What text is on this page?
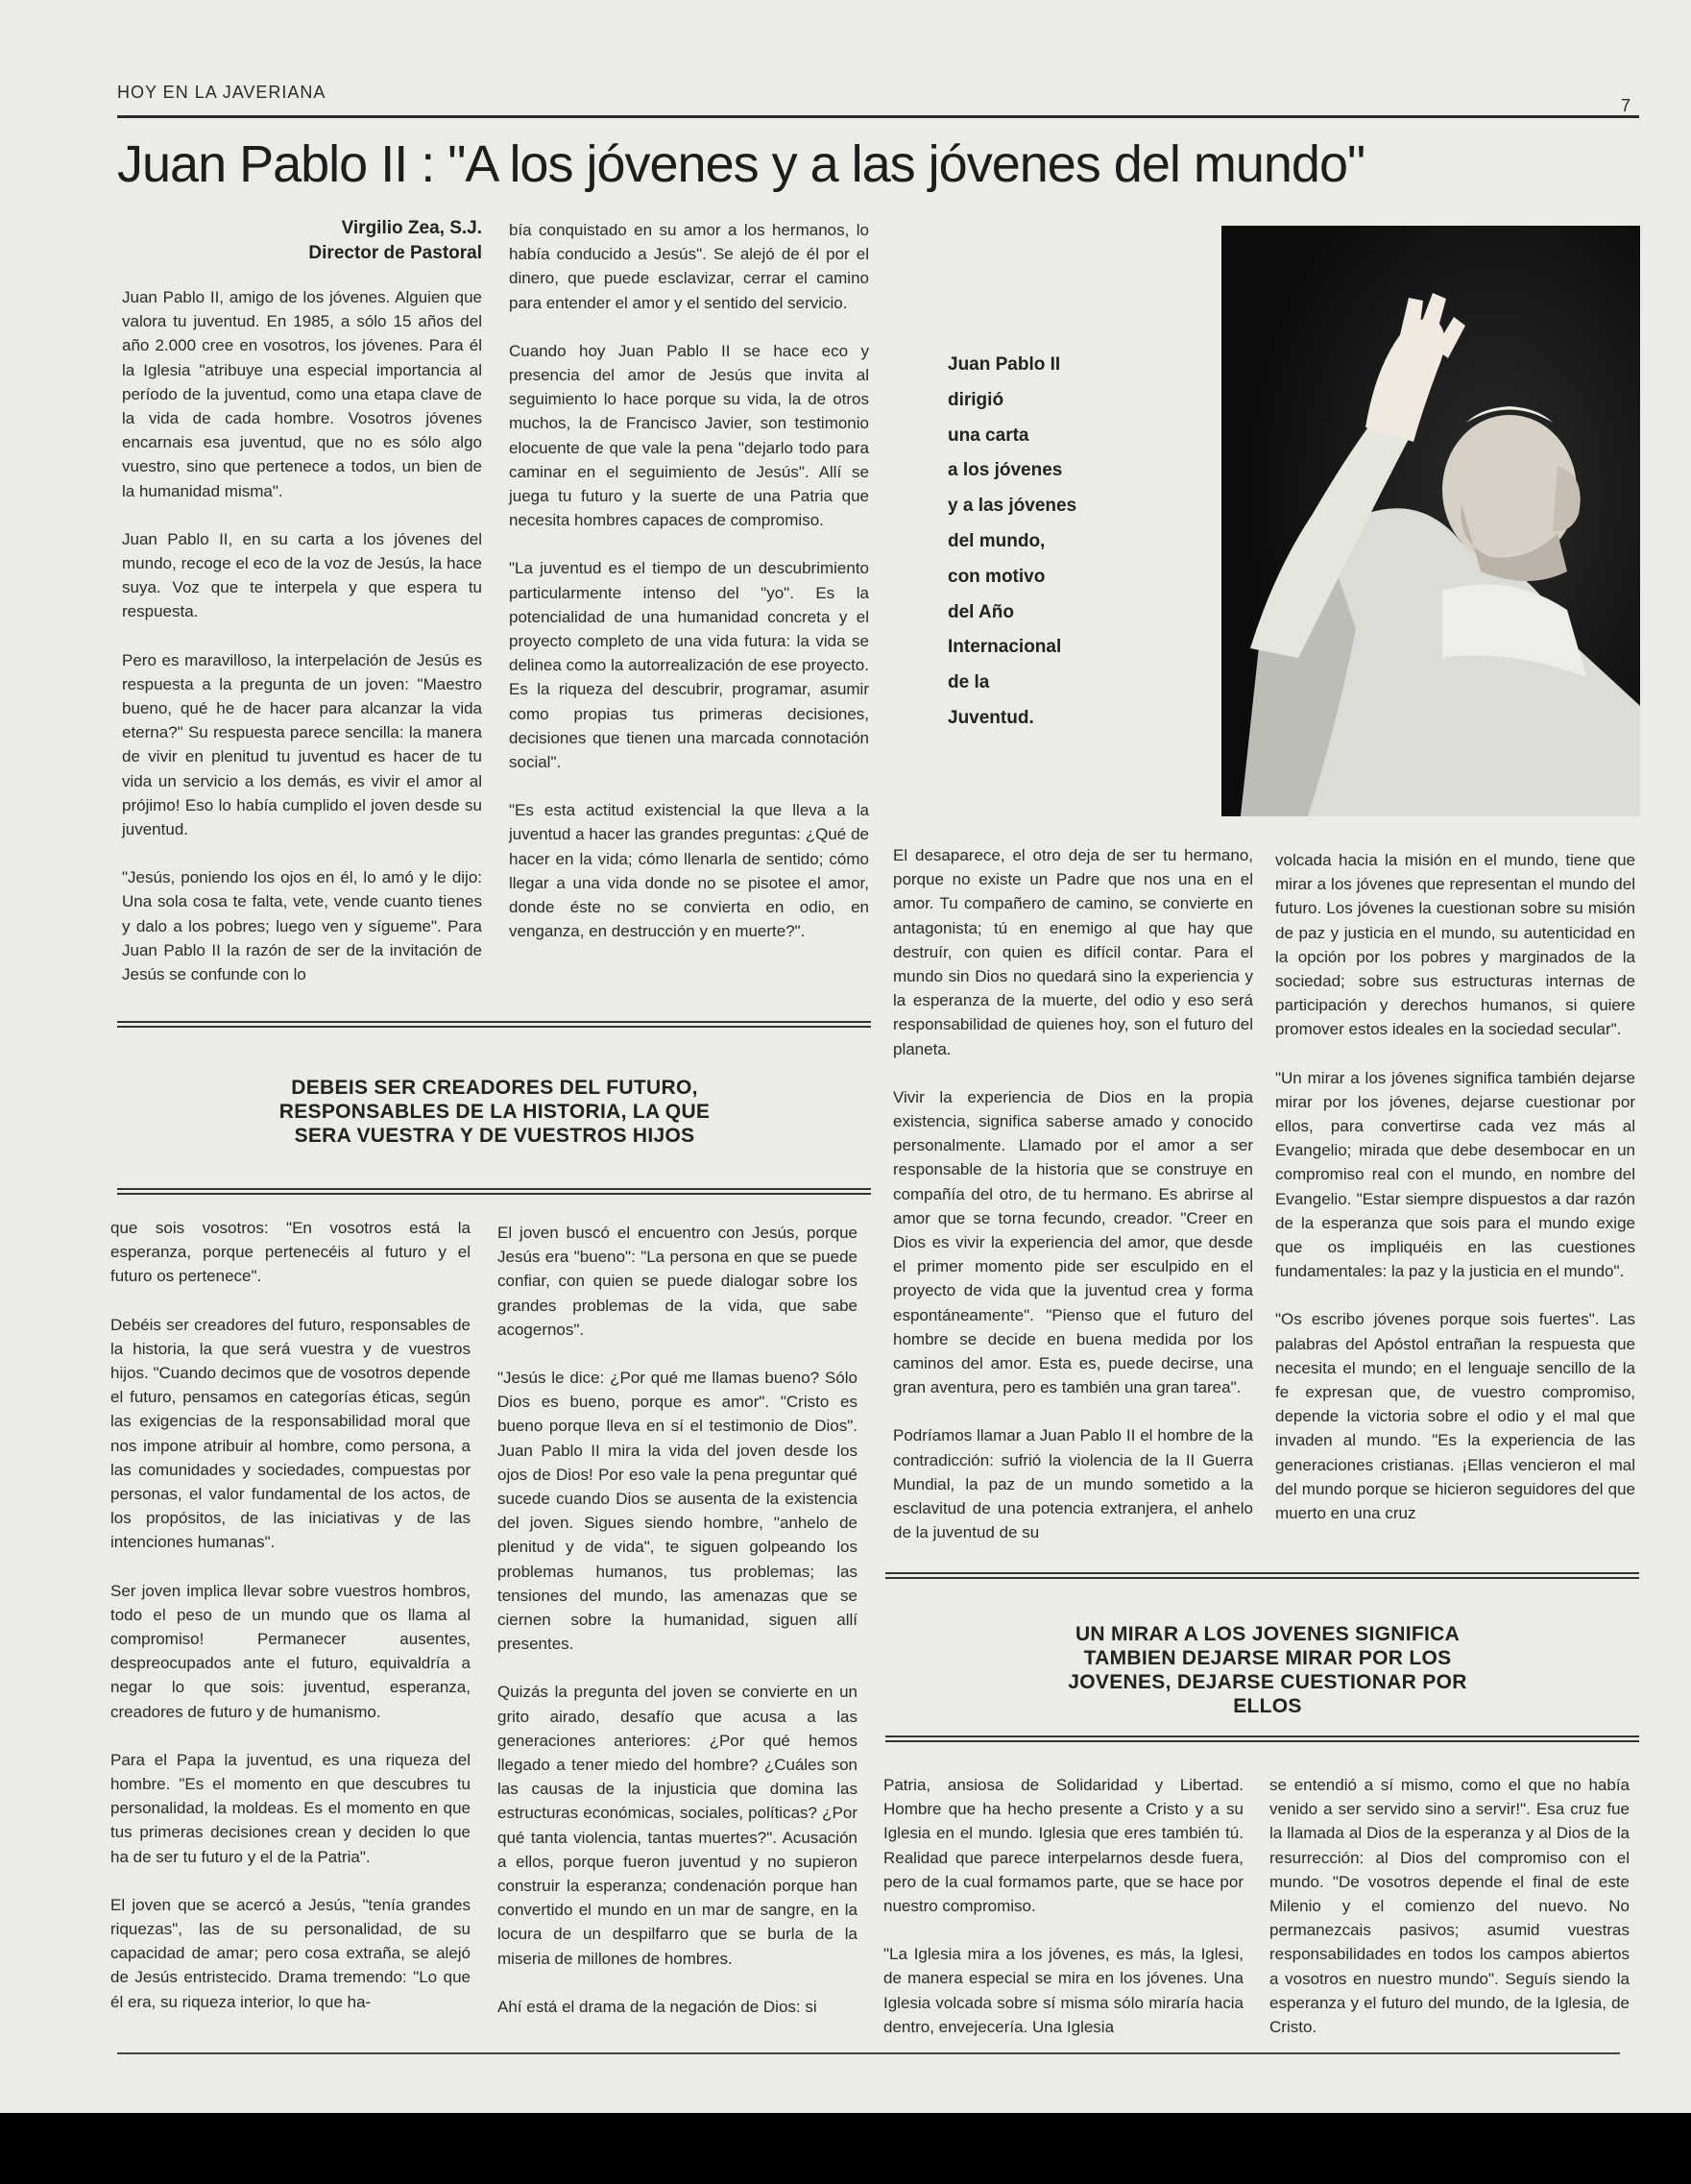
HOY EN LA JAVERIANA
7
Juan Pablo II : "A los jóvenes y a las jóvenes del mundo"
Virgilio Zea, S.J.
Director de Pastoral

Juan Pablo II, amigo de los jóvenes. Alguien que valora tu juventud. En 1985, a sólo 15 años del año 2.000 cree en vosotros, los jóvenes. Para él la Iglesia "atribuye una especial importancia al período de la juventud, como una etapa clave de la vida de cada hombre. Vosotros jóvenes encarnais esa juventud, que no es sólo algo vuestro, sino que pertenece a todos, un bien de la humanidad misma".

Juan Pablo II, en su carta a los jóvenes del mundo, recoge el eco de la voz de Jesús, la hace suya. Voz que te interpela y que espera tu respuesta.

Pero es maravilloso, la interpelación de Jesús es respuesta a la pregunta de un joven: "Maestro bueno, qué he de hacer para alcanzar la vida eterna?" Su respuesta parece sencilla: la manera de vivir en plenitud tu juventud es hacer de tu vida un servicio a los demás, es vivir el amor al prójimo! Eso lo había cumplido el joven desde su juventud.

"Jesús, poniendo los ojos en él, lo amó y le dijo: Una sola cosa te falta, vete, vende cuanto tienes y dalo a los pobres; luego ven y sígueme". Para Juan Pablo II la razón de ser de la invitación de Jesús se confunde con lo

bía conquistado en su amor a los hermanos, lo había conducido a Jesús". Se alejó de él por el dinero, que puede esclavizar, cerrar el camino para entender el amor y el sentido del servicio.

Cuando hoy Juan Pablo II se hace eco y presencia del amor de Jesús que invita al seguimiento lo hace porque su vida, la de otros muchos, la de Francisco Javier, son testimonio elocuente de que vale la pena "dejarlo todo para caminar en el seguimiento de Jesús". Allí se juega tu futuro y la suerte de una Patria que necesita hombres capaces de compromiso.

"La juventud es el tiempo de un descubrimiento particularmente intenso del "yo". Es la potencialidad de una humanidad concreta y el proyecto completo de una vida futura: la vida se delinea como la autorrealización de ese proyecto. Es la riqueza del descubrir, programar, asumir como propias tus primeras decisiones, decisiones que tienen una marcada connotación social".

"Es esta actitud existencial la que lleva a la juventud a hacer las grandes preguntas: ¿Qué de hacer en la vida; cómo llenarla de sentido; cómo llegar a una vida donde no se pisotee el amor, donde éste no se convierta en odio, en venganza, en destrucción y en muerte?".

Juan Pablo II
dirigió
una carta
a los jóvenes
y a las jóvenes
del mundo,
con motivo
del Año
Internacional
de la
Juventud.

El desaparece, el otro deja de ser tu hermano, porque no existe un Padre que nos una en el amor. Tu compañero de camino, se convierte en antagonista; tú en enemigo al que hay que destruír, con quien es difícil contar. Para el mundo sin Dios no quedará sino la experiencia y la esperanza de la muerte, del odio y eso será responsabilidad de quienes hoy, son el futuro del planeta.

Vivir la experiencia de Dios en la propia existencia, significa saberse amado y conocido personalmente. Llamado por el amor a ser responsable de la historia que se construye en compañía del otro, de tu hermano. Es abrirse al amor que se torna fecundo, creador. "Creer en Dios es vivir la experiencia del amor, que desde el primer momento pide ser esculpido en el proyecto de vida que la juventud crea y forma espontáneamente". "Pienso que el futuro del hombre se decide en buena medida por los caminos del amor. Esta es, puede decirse, una gran aventura, pero es también una gran tarea".

Podríamos llamar a Juan Pablo II el hombre de la contradicción: sufrió la violencia de la II Guerra Mundial, la paz de un mundo sometido a la esclavitud de una potencia extranjera, el anhelo de la juventud de su

volcada hacia la misión en el mundo, tiene que mirar a los jóvenes que representan el mundo del futuro. Los jóvenes la cuestionan sobre su misión de paz y justicia en el mundo, su autenticidad en la opción por los pobres y marginados de la sociedad; sobre sus estructuras internas de participación y derechos humanos, si quiere promover estos ideales en la sociedad secular".

"Un mirar a los jóvenes significa también dejarse mirar por los jóvenes, dejarse cuestionar por ellos, para convertirse cada vez más al Evangelio; mirada que debe desembocar en un compromiso real con el mundo, en nombre del Evangelio. "Estar siempre dispuestos a dar razón de la esperanza que sois para el mundo exige que os impliquéis en las cuestiones fundamentales: la paz y la justicia en el mundo".

"Os escribo jóvenes porque sois fuertes". Las palabras del Apóstol entrañan la respuesta que necesita el mundo; en el lenguaje sencillo de la fe expresan que, de vuestro compromiso, depende la victoria sobre el odio y el mal que invaden al mundo. "Es la experiencia de las generaciones cristianas. ¡Ellas vencieron el mal del mundo porque se hicieron seguidores del que muerto en una cruz

DEBEIS SER CREADORES DEL FUTURO, RESPONSABLES DE LA HISTORIA, LA QUE SERA VUESTRA Y DE VUESTROS HIJOS

que sois vosotros: "En vosotros está la esperanza, porque pertenecéis al futuro y el futuro os pertenece".

Debéis ser creadores del futuro, responsables de la historia, la que será vuestra y de vuestros hijos. "Cuando decimos que de vosotros depende el futuro, pensamos en categorías éticas, según las exigencias de la responsabilidad moral que nos impone atribuir al hombre, como persona, a las comunidades y sociedades, compuestas por personas, el valor fundamental de los actos, de los propósitos, de las iniciativas y de las intenciones humanas".

Ser joven implica llevar sobre vuestros hombros, todo el peso de un mundo que os llama al compromiso! Permanecer ausentes, despreocupados ante el futuro, equivaldría a negar lo que sois: juventud, esperanza, creadores de futuro y de humanismo.

Para el Papa la juventud, es una riqueza del hombre. "Es el momento en que descubres tu personalidad, la moldeas. Es el momento en que tus primeras decisiones crean y deciden lo que ha de ser tu futuro y el de la Patria".

El joven que se acercó a Jesús, "tenía grandes riquezas", las de su personalidad, de su capacidad de amar; pero cosa extraña, se alejó de Jesús entristecido. Drama tremendo: "Lo que él era, su riqueza interior, lo que ha-

El joven buscó el encuentro con Jesús, porque Jesús era "bueno": "La persona en que se puede confiar, con quien se puede dialogar sobre los grandes problemas de la vida, que sabe acogernos".

"Jesús le dice: ¿Por qué me llamas bueno? Sólo Dios es bueno, porque es amor". "Cristo es bueno porque lleva en sí el testimonio de Dios". Juan Pablo II mira la vida del joven desde los ojos de Dios! Por eso vale la pena preguntar qué sucede cuando Dios se ausenta de la existencia del joven. Sigues siendo hombre, "anhelo de plenitud y de vida", te siguen golpeando los problemas humanos, tus problemas; las tensiones del mundo, las amenazas que se ciernen sobre la humanidad, siguen allí presentes.

Quizás la pregunta del joven se convierte en un grito airado, desafío que acusa a las generaciones anteriores: ¿Por qué hemos llegado a tener miedo del hombre? ¿Cuáles son las causas de la injusticia que domina las estructuras económicas, sociales, políticas? ¿Por qué tanta violencia, tantas muertes?". Acusación a ellos, porque fueron juventud y no supieron construir la esperanza; condenación porque han convertido el mundo en un mar de sangre, en la locura de un despilfarro que se burla de la miseria de millones de hombres.

Ahí está el drama de la negación de Dios: si

UN MIRAR A LOS JOVENES SIGNIFICA TAMBIEN DEJARSE MIRAR POR LOS JOVENES, DEJARSE CUESTIONAR POR ELLOS

Patria, ansiosa de Solidaridad y Libertad. Hombre que ha hecho presente a Cristo y a su Iglesia en el mundo. Iglesia que eres también tú. Realidad que parece interpelarnos desde fuera, pero de la cual formamos parte, que se hace por nuestro compromiso.

"La Iglesia mira a los jóvenes, es más, la Iglesi, de manera especial se mira en los jóvenes. Una Iglesia volcada sobre sí misma sólo miraría hacia dentro, envejecería. Una Iglesia

se entendió a sí mismo, como el que no había venido a ser servido sino a servir!". Esa cruz fue la llamada al Dios de la esperanza y al Dios de la resurrección: al Dios del compromiso con el mundo. "De vosotros depende el final de este Milenio y el comienzo del nuevo. No permanezcais pasivos; asumid vuestras responsabilidades en todos los campos abiertos a vosotros en nuestro mundo". Seguís siendo la esperanza y el futuro del mundo, de la Iglesia, de Cristo.
